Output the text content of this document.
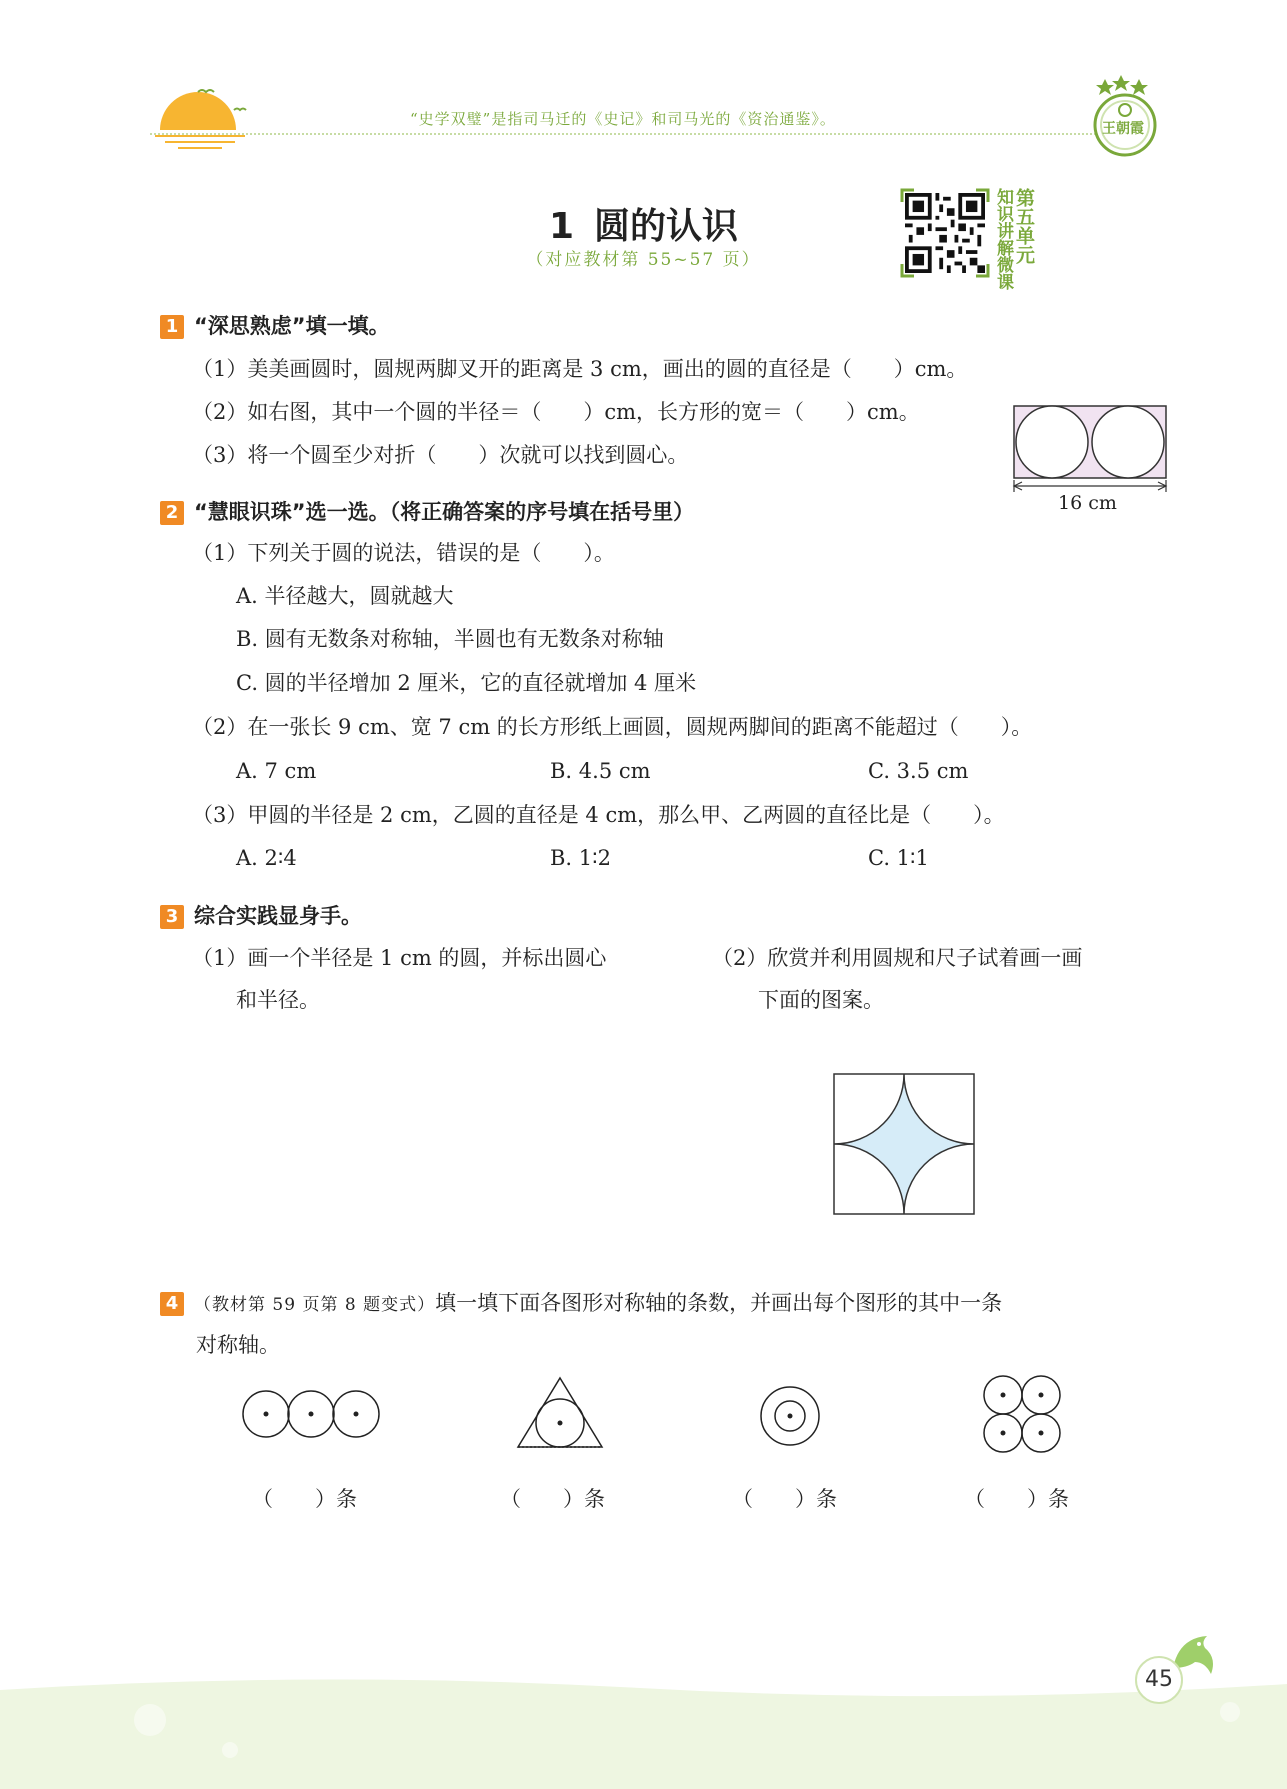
“史学双璧”是指司马迁的《史记》和司马光的《资治通鉴》。
王朝霞
1 圆的认识
（对应教材第 55~57 页）	知识讲解微课 第五单元
1 “深思熟虑”填一填。
（1）美美画圆时，圆规两脚叉开的距离是 3 cm，画出的圆的直径是（　　）cm。
（2）如右图，其中一个圆的半径＝（　　）cm，长方形的宽＝（　　）cm。
（3）将一个圆至少对折（　　）次就可以找到圆心。
16 cm
2 “慧眼识珠”选一选。（将正确答案的序号填在括号里）
（1）下列关于圆的说法，错误的是（　　）。
A. 半径越大，圆就越大
B. 圆有无数条对称轴，半圆也有无数条对称轴
C. 圆的半径增加 2 厘米，它的直径就增加 4 厘米
（2）在一张长 9 cm、宽 7 cm 的长方形纸上画圆，圆规两脚间的距离不能超过（　　）。
A. 7 cm	B. 4.5 cm	C. 3.5 cm
（3）甲圆的半径是 2 cm，乙圆的直径是 4 cm，那么甲、乙两圆的直径比是（　　）。
A. 2∶4	B. 1∶2	C. 1∶1
3 综合实践显身手。
（1）画一个半径是 1 cm 的圆，并标出圆心
和半径。
（2）欣赏并利用圆规和尺子试着画一画
下面的图案。
4 （教材第 59 页第 8 题变式）填一填下面各图形对称轴的条数，并画出每个图形的其中一条
对称轴。
（　　）条	（　　）条	（　　）条	（　　）条
45
